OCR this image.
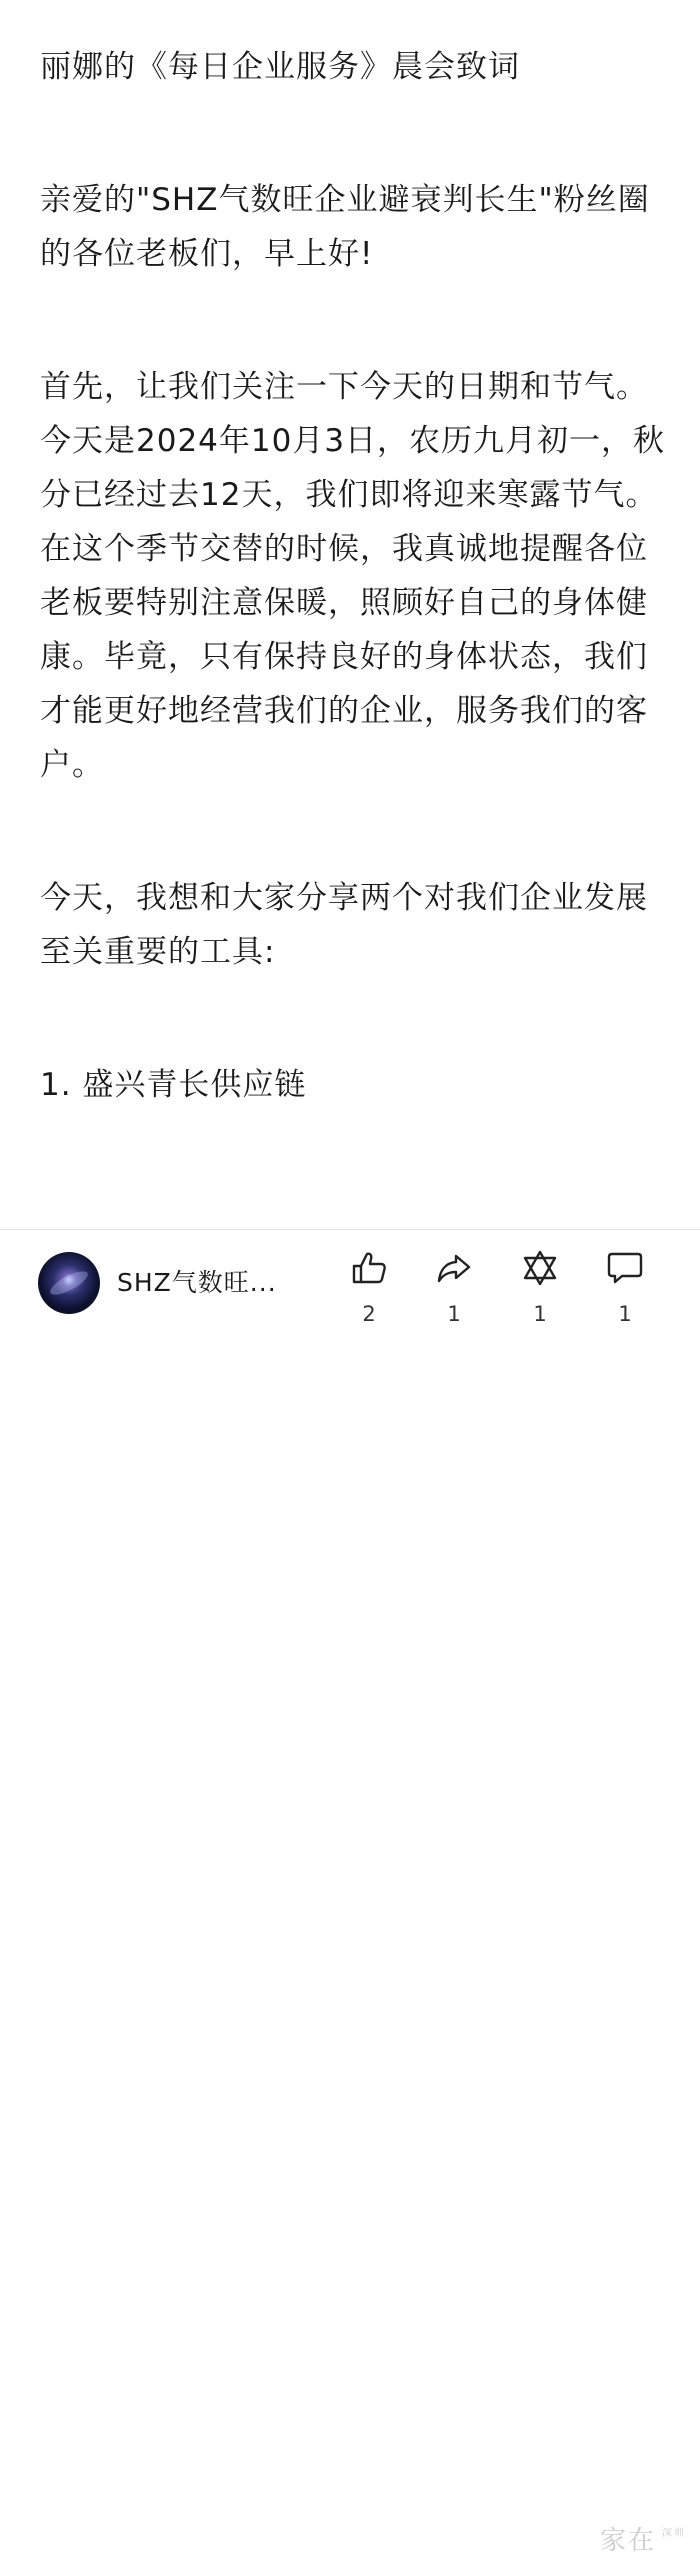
丽娜的《每日企业服务》晨会致词

亲爱的"SHZ气数旺企业避衰判长生"粉丝圈的各位老板们，早上好!

首先，让我们关注一下今天的日期和节气。今天是2024年10月3日，农历九月初一，秋分已经过去12天，我们即将迎来寒露节气。在这个季节交替的时候，我真诚地提醒各位老板要特别注意保暖，照顾好自己的身体健康。毕竟，只有保持良好的身体状态，我们才能更好地经营我们的企业，服务我们的客户。

今天，我想和大家分享两个对我们企业发展至关重要的工具:

1. 盛兴青长供应链

SHZ气数旺...
2	1	1	1
家在 深圳
